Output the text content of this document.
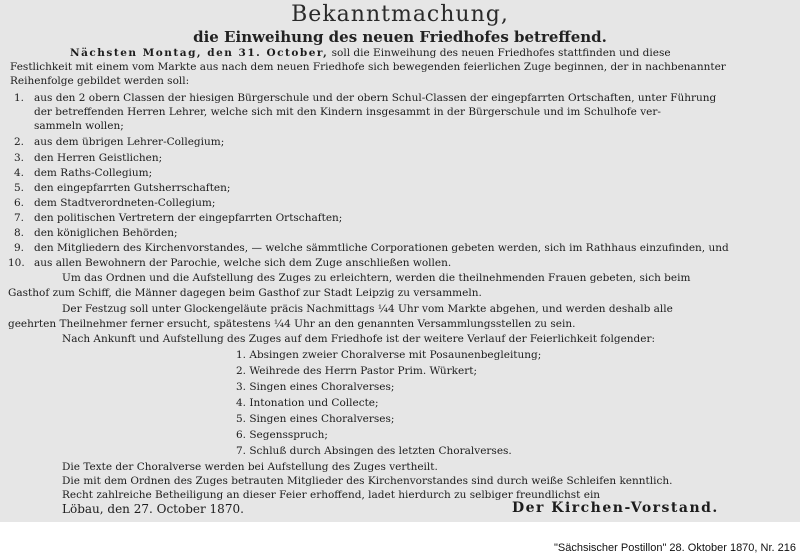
Bekanntmachung,
die Einweihung des neuen Friedhofes betreffend.
Nächsten Montag, den 31. October, soll die Einweihung des neuen Friedhofes stattfinden und diese
Festlichkeit mit einem vom Markte aus nach dem neuen Friedhofe sich bewegenden feierlichen Zuge beginnen, der in nachbenannter
Reihenfolge gebildet werden soll:
1. aus den 2 obern Classen der hiesigen Bürgerschule und der obern Schul-Classen der eingepfarrten Ortschaften, unter Führung
der betreffenden Herren Lehrer, welche sich mit den Kindern insgesammt in der Bürgerschule und im Schulhofe ver-
sammeln wollen;
2. aus dem übrigen Lehrer-Collegium;
3. den Herren Geistlichen;
4. dem Raths-Collegium;
5. den eingepfarrten Gutsherrschaften;
6. dem Stadtverordneten-Collegium;
7. den politischen Vertretern der eingepfarrten Ortschaften;
8. den königlichen Behörden;
9. den Mitgliedern des Kirchenvorstandes, — welche sämmtliche Corporationen gebeten werden, sich im Rathhaus einzufinden, und
10. aus allen Bewohnern der Parochie, welche sich dem Zuge anschließen wollen.
Um das Ordnen und die Aufstellung des Zuges zu erleichtern, werden die theilnehmenden Frauen gebeten, sich beim
Gasthof zum Schiff, die Männer dagegen beim Gasthof zur Stadt Leipzig zu versammeln.
Der Festzug soll unter Glockengeläute präcis Nachmittags ¼4 Uhr vom Markte abgehen, und werden deshalb alle
geehrten Theilnehmer ferner ersucht, spätestens ¼4 Uhr an den genannten Versammlungsstellen zu sein.
Nach Ankunft und Aufstellung des Zuges auf dem Friedhofe ist der weitere Verlauf der Feierlichkeit folgender:
1. Absingen zweier Choralverse mit Posaunenbegleitung;
2. Weihrede des Herrn Pastor Prim. Würkert;
3. Singen eines Choralverses;
4. Intonation und Collecte;
5. Singen eines Choralverses;
6. Segensspruch;
7. Schluß durch Absingen des letzten Choralverses.
Die Texte der Choralverse werden bei Aufstellung des Zuges vertheilt.
Die mit dem Ordnen des Zuges betrauten Mitglieder des Kirchenvorstandes sind durch weiße Schleifen kenntlich.
Recht zahlreiche Betheiligung an dieser Feier erhoffend, ladet hierdurch zu selbiger freundlichst ein
Löbau, den 27. October 1870.	Der Kirchen-Vorstand.
"Sächsischer Postillon" 28. Oktober 1870, Nr. 216
